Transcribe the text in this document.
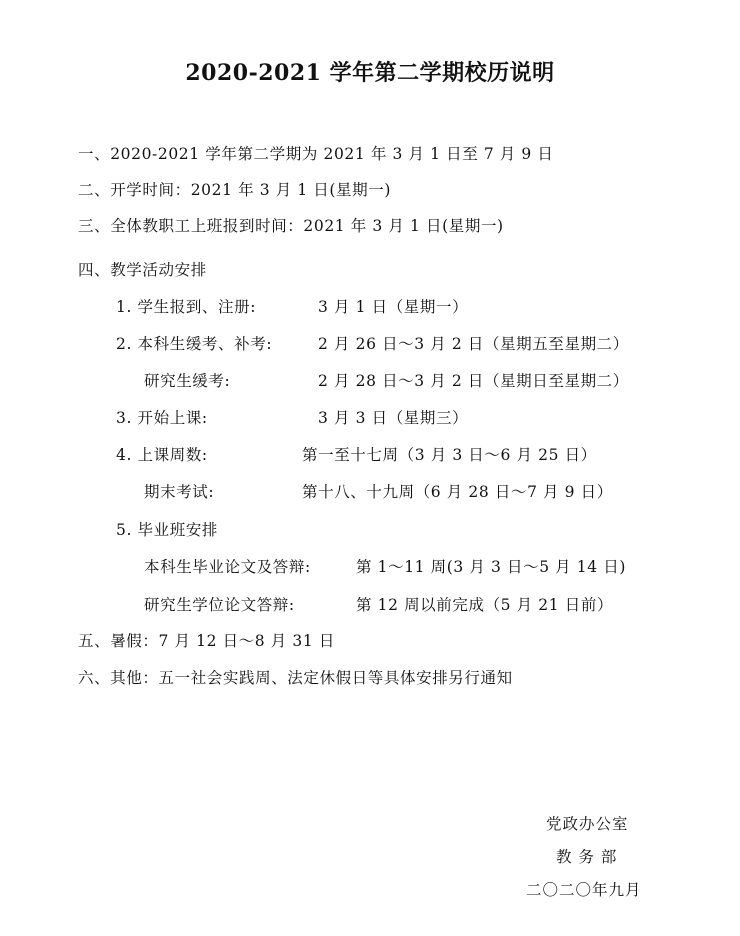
2020-2021 学年第二学期校历说明
一、2020-2021 学年第二学期为 2021 年 3 月 1 日至 7 月 9 日
二、开学时间：2021 年 3 月 1 日(星期一)
三、全体教职工上班报到时间：2021 年 3 月 1 日(星期一)
四、教学活动安排
1. 学生报到、注册:	3 月 1 日（星期一）
2. 本科生缓考、补考:	2 月 26 日～3 月 2 日（星期五至星期二）
研究生缓考:	2 月 28 日～3 月 2 日（星期日至星期二）
3. 开始上课:	3 月 3 日（星期三）
4. 上课周数:	第一至十七周（3 月 3 日～6 月 25 日）
期末考试:	第十八、十九周（6 月 28 日～7 月 9 日）
5. 毕业班安排
本科生毕业论文及答辩:	第 1～11 周(3 月 3 日～5 月 14 日)
研究生学位论文答辩:	第 12 周以前完成（5 月 21 日前）
五、暑假：7 月 12 日～8 月 31 日
六、其他：五一社会实践周、法定休假日等具体安排另行通知
党政办公室
教 务 部
二〇二〇年九月
